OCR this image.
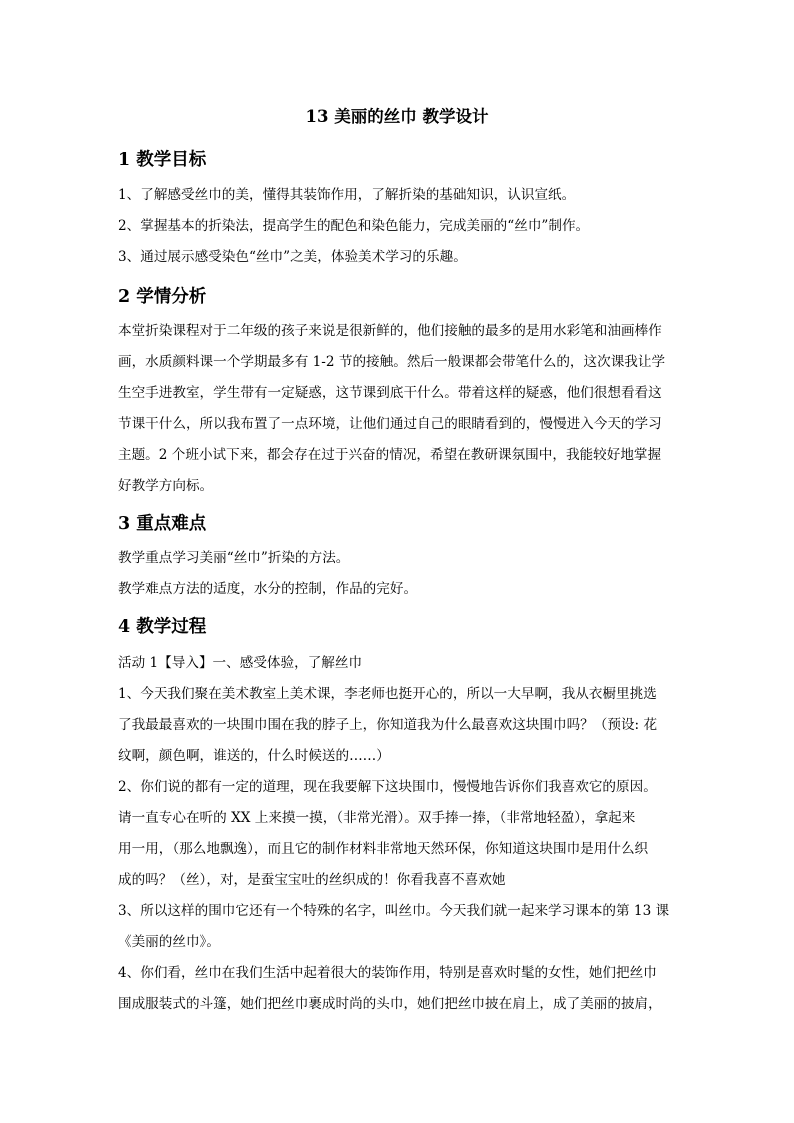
13 美丽的丝巾 教学设计
1 教学目标
1、了解感受丝巾的美，懂得其装饰作用，了解折染的基础知识，认识宣纸。
2、掌握基本的折染法，提高学生的配色和染色能力，完成美丽的“丝巾”制作。
3、通过展示感受染色“丝巾”之美，体验美术学习的乐趣。
2 学情分析
本堂折染课程对于二年级的孩子来说是很新鲜的，他们接触的最多的是用水彩笔和油画棒作
画，水质颜料课一个学期最多有 1-2 节的接触。然后一般课都会带笔什么的，这次课我让学
生空手进教室，学生带有一定疑惑，这节课到底干什么。带着这样的疑惑，他们很想看看这
节课干什么，所以我布置了一点环境，让他们通过自己的眼睛看到的，慢慢进入今天的学习
主题。2 个班小试下来，都会存在过于兴奋的情况，希望在教研课氛围中，我能较好地掌握
好教学方向标。
3 重点难点
教学重点学习美丽“丝巾”折染的方法。
教学难点方法的适度，水分的控制，作品的完好。
4 教学过程
活动 1【导入】一、感受体验，了解丝巾
1、今天我们聚在美术教室上美术课，李老师也挺开心的，所以一大早啊，我从衣橱里挑选
了我最最喜欢的一块围巾围在我的脖子上，你知道我为什么最喜欢这块围巾吗？（预设: 花
纹啊，颜色啊，谁送的，什么时候送的……）
2、你们说的都有一定的道理，现在我要解下这块围巾，慢慢地告诉你们我喜欢它的原因。
请一直专心在听的 XX 上来摸一摸，（非常光滑）。双手捧一捧，（非常地轻盈），拿起来
用一用，（那么地飘逸），而且它的制作材料非常地天然环保，你知道这块围巾是用什么织
成的吗？（丝），对，是蚕宝宝吐的丝织成的！你看我喜不喜欢她
3、所以这样的围巾它还有一个特殊的名字，叫丝巾。今天我们就一起来学习课本的第 13 课
《美丽的丝巾》。
4、你们看，丝巾在我们生活中起着很大的装饰作用，特别是喜欢时髦的女性，她们把丝巾
围成服装式的斗篷，她们把丝巾裹成时尚的头巾，她们把丝巾披在肩上，成了美丽的披肩，
